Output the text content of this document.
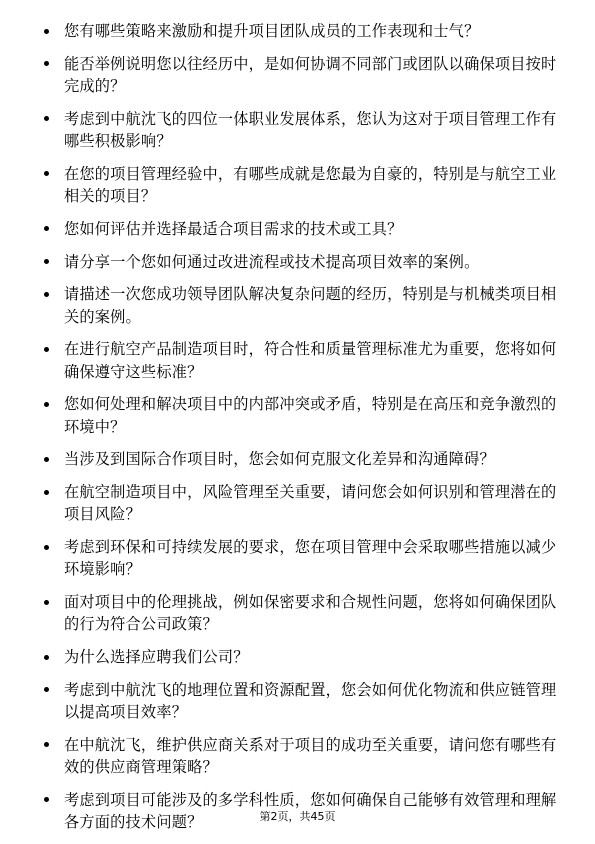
您有哪些策略来激励和提升项目团队成员的工作表现和士气？
能否举例说明您以往经历中，是如何协调不同部门或团队以确保项目按时完成的？
考虑到中航沈飞的四位一体职业发展体系，您认为这对于项目管理工作有哪些积极影响？
在您的项目管理经验中，有哪些成就是您最为自豪的，特别是与航空工业相关的项目？
您如何评估并选择最适合项目需求的技术或工具？
请分享一个您如何通过改进流程或技术提高项目效率的案例。
请描述一次您成功领导团队解决复杂问题的经历，特别是与机械类项目相关的案例。
在进行航空产品制造项目时，符合性和质量管理标准尤为重要，您将如何确保遵守这些标准？
您如何处理和解决项目中的内部冲突或矛盾，特别是在高压和竞争激烈的环境中？
当涉及到国际合作项目时，您会如何克服文化差异和沟通障碍？
在航空制造项目中，风险管理至关重要，请问您会如何识别和管理潜在的项目风险？
考虑到环保和可持续发展的要求，您在项目管理中会采取哪些措施以减少环境影响？
面对项目中的伦理挑战，例如保密要求和合规性问题，您将如何确保团队的行为符合公司政策？
为什么选择应聘我们公司？
考虑到中航沈飞的地理位置和资源配置，您会如何优化物流和供应链管理以提高项目效率？
在中航沈飞，维护供应商关系对于项目的成功至关重要，请问您有哪些有效的供应商管理策略？
考虑到项目可能涉及的多学科性质，您如何确保自己能够有效管理和理解各方面的技术问题？	第2页，共45页
